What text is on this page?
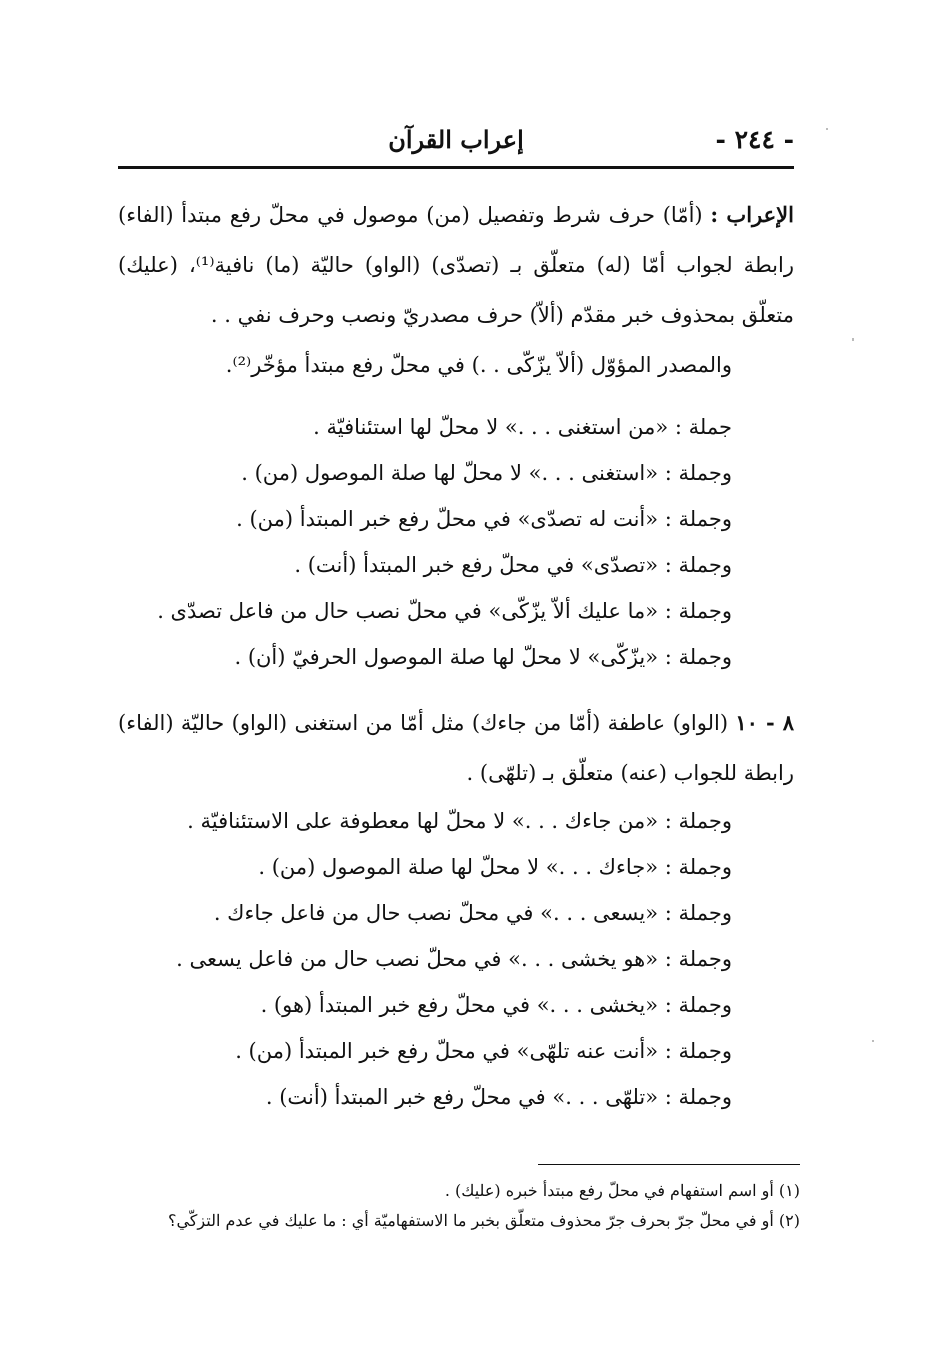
- ٢٤٤ -
إعراب القرآن

الإعراب : (أمّا) حرف شرط وتفصيل (من) موصول في محلّ رفع مبتدأ (الفاء) رابطة لجواب أمّا (له) متعلّق بـ (تصدّى) (الواو) حاليّة (ما) نافية⁽¹⁾، (عليك) متعلّق بمحذوف خبر مقدّم (ألاّ) حرف مصدريّ ونصب وحرف نفي . .

والمصدر المؤوّل (ألاّ يزّكّى . .) في محلّ رفع مبتدأ مؤخّر⁽²⁾.

جملة : «من استغنى . . .» لا محلّ لها استئنافيّة .
وجملة : «استغنى . . .» لا محلّ لها صلة الموصول (من) .
وجملة : «أنت له تصدّى» في محلّ رفع خبر المبتدأ (من) .
وجملة : «تصدّى» في محلّ رفع خبر المبتدأ (أنت) .
وجملة : «ما عليك ألاّ يزّكّى» في محلّ نصب حال من فاعل تصدّى .
وجملة : «يزّكّى» لا محلّ لها صلة الموصول الحرفيّ (أن) .

٨ - ١٠ (الواو) عاطفة (أمّا من جاءك) مثل أمّا من استغنى (الواو) حاليّة (الفاء) رابطة للجواب (عنه) متعلّق بـ (تلهّى) .

وجملة : «من جاءك . . .» لا محلّ لها معطوفة على الاستئنافيّة .
وجملة : «جاءك . . .» لا محلّ لها صلة الموصول (من) .
وجملة : «يسعى . . .» في محلّ نصب حال من فاعل جاءك .
وجملة : «هو يخشى . . .» في محلّ نصب حال من فاعل يسعى .
وجملة : «يخشى . . .» في محلّ رفع خبر المبتدأ (هو) .
وجملة : «أنت عنه تلهّى» في محلّ رفع خبر المبتدأ (من) .
وجملة : «تلهّى . . .» في محلّ رفع خبر المبتدأ (أنت) .

(١) أو اسم استفهام في محلّ رفع مبتدأ خبره (عليك) .

(٢) أو في محلّ جرّ بحرف جرّ محذوف متعلّق بخبر ما الاستفهاميّة أي : ما عليك في عدم التزكّي؟
